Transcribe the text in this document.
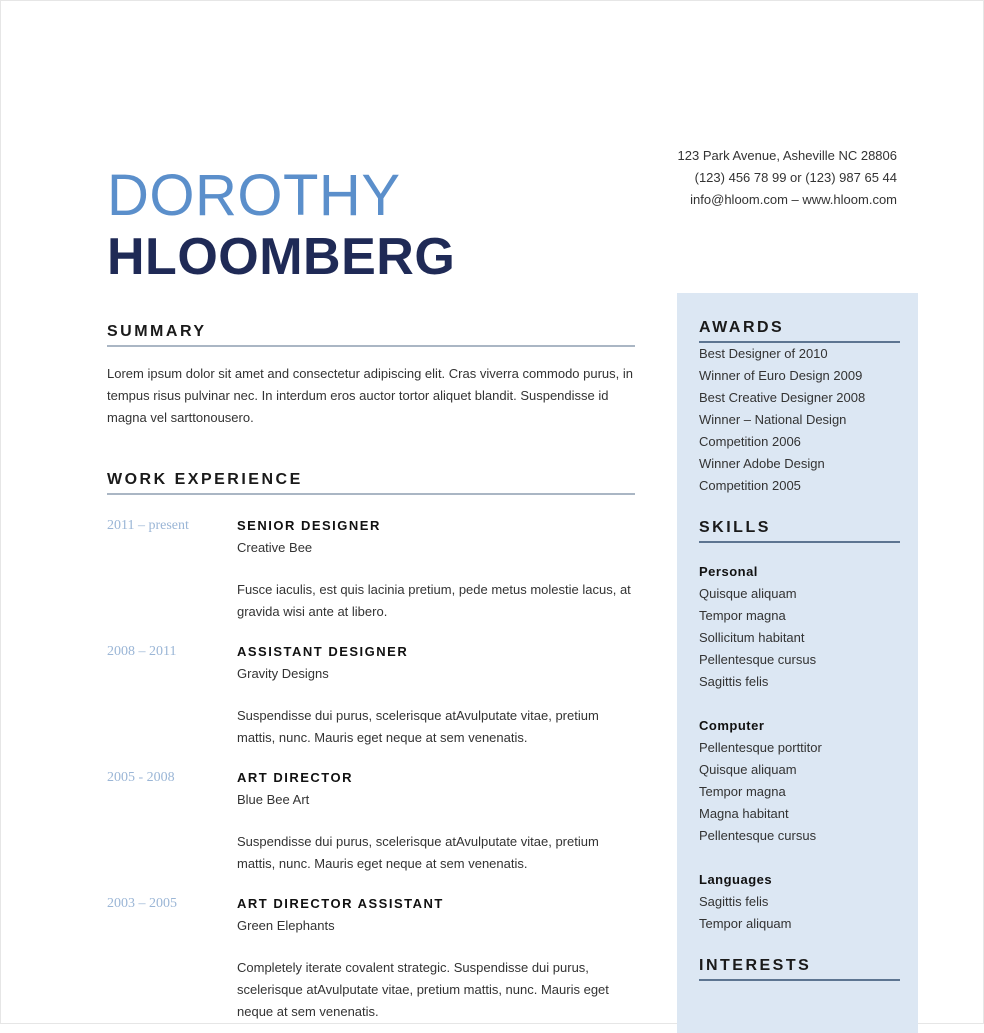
123 Park Avenue, Asheville NC 28806
(123) 456 78 99 or (123) 987 65 44
info@hloom.com – www.hloom.com
DOROTHY
HLOOMBERG
SUMMARY
Lorem ipsum dolor sit amet and consectetur adipiscing elit. Cras viverra commodo purus, in tempus risus pulvinar nec. In interdum eros auctor tortor aliquet blandit. Suspendisse id magna vel sarttonousero.
WORK EXPERIENCE
2011 – present	SENIOR DESIGNER
Creative Bee
Fusce iaculis, est quis lacinia pretium, pede metus molestie lacus, at gravida wisi ante at libero.
2008 – 2011	ASSISTANT DESIGNER
Gravity Designs
Suspendisse dui purus, scelerisque atAvulputate vitae, pretium mattis, nunc. Mauris eget neque at sem venenatis.
2005 - 2008	ART DIRECTOR
Blue Bee Art
Suspendisse dui purus, scelerisque atAvulputate vitae, pretium mattis, nunc. Mauris eget neque at sem venenatis.
2003 – 2005	ART DIRECTOR ASSISTANT
Green Elephants
Completely iterate covalent strategic. Suspendisse dui purus, scelerisque atAvulputate vitae, pretium mattis, nunc. Mauris eget neque at sem venenatis.
AWARDS
Best Designer of 2010
Winner of Euro Design 2009
Best Creative Designer 2008
Winner – National Design
Competition 2006
Winner Adobe Design
Competition 2005
SKILLS
Personal
Quisque aliquam
Tempor magna
Sollicitum habitant
Pellentesque cursus
Sagittis felis
Computer
Pellentesque porttitor
Quisque aliquam
Tempor magna
Magna habitant
Pellentesque cursus
Languages
Sagittis felis
Tempor aliquam
INTERESTS
